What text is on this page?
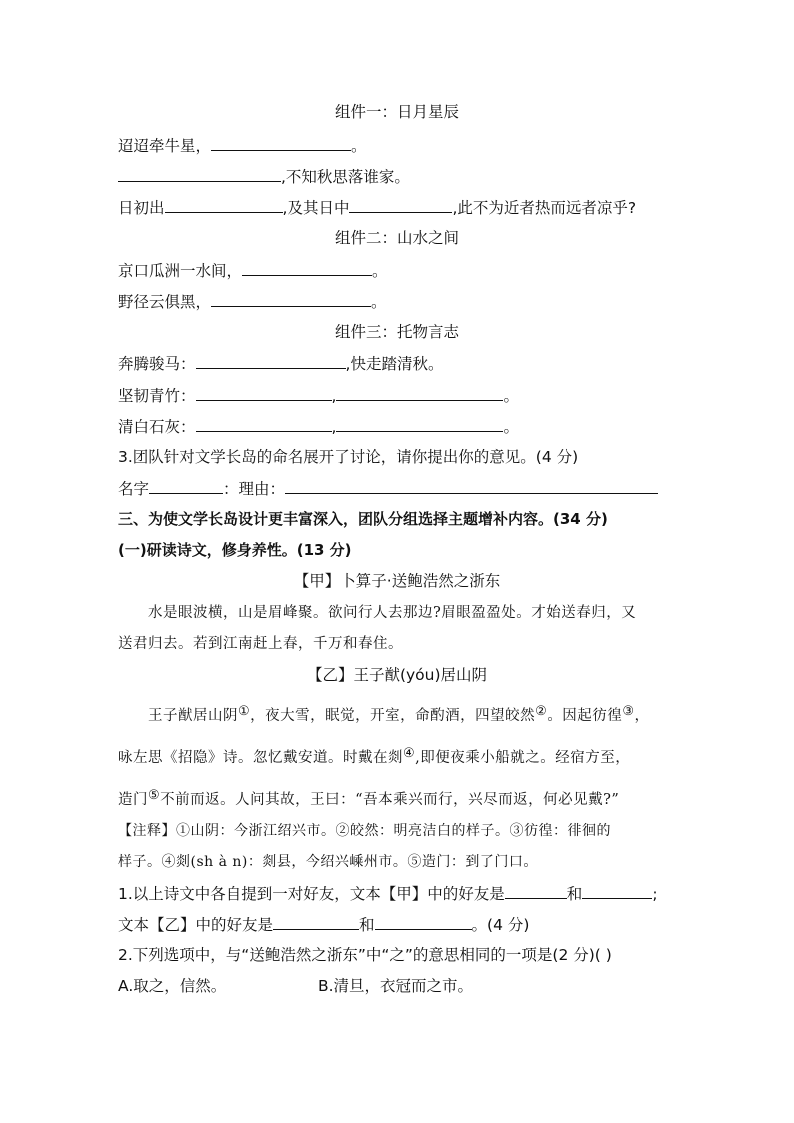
组件一：日月星辰
迢迢牵牛星，	。
,不知秋思落谁家。
日初出	,及其日中	,此不为近者热而远者凉乎?
组件二：山水之间
京口瓜洲一水间，	。
野径云俱黑，	。
组件三：托物言志
奔腾骏马：	,快走踏清秋。
坚韧青竹：	,	。
清白石灰：	,	。
3.团队针对文学长岛的命名展开了讨论，请你提出你的意见。(4 分)
名字	：理由：
三、为使文学长岛设计更丰富深入，团队分组选择主题增补内容。(34 分)
(一)研读诗文，修身养性。(13 分)
【甲】卜算子·送鲍浩然之浙东
水是眼波横，山是眉峰聚。欲问行人去那边?眉眼盈盈处。才始送春归，又
送君归去。若到江南赶上春，千万和春住。
【乙】王子猷(yóu)居山阴
王子猷居山阴①，夜大雪，眠觉，开室，命酌酒，四望皎然②。因起彷徨③，
咏左思《招隐》诗。忽忆戴安道。时戴在剡④,即便夜乘小船就之。经宿方至，
造门⑤不前而返。人问其故，王曰：“吾本乘兴而行，兴尽而返，何必见戴?”
【注释】①山阴：今浙江绍兴市。②皎然：明亮洁白的样子。③彷徨：徘徊的
样子。④剡(sh à n)：剡县，今绍兴嵊州市。⑤造门：到了门口。
1.以上诗文中各自提到一对好友，文本【甲】中的好友是	和	;
文本【乙】中的好友是	和	。(4 分)
2.下列选项中，与“送鲍浩然之浙东”中“之”的意思相同的一项是(2 分)( )
A.取之，信然。	B.清旦，衣冠而之市。
